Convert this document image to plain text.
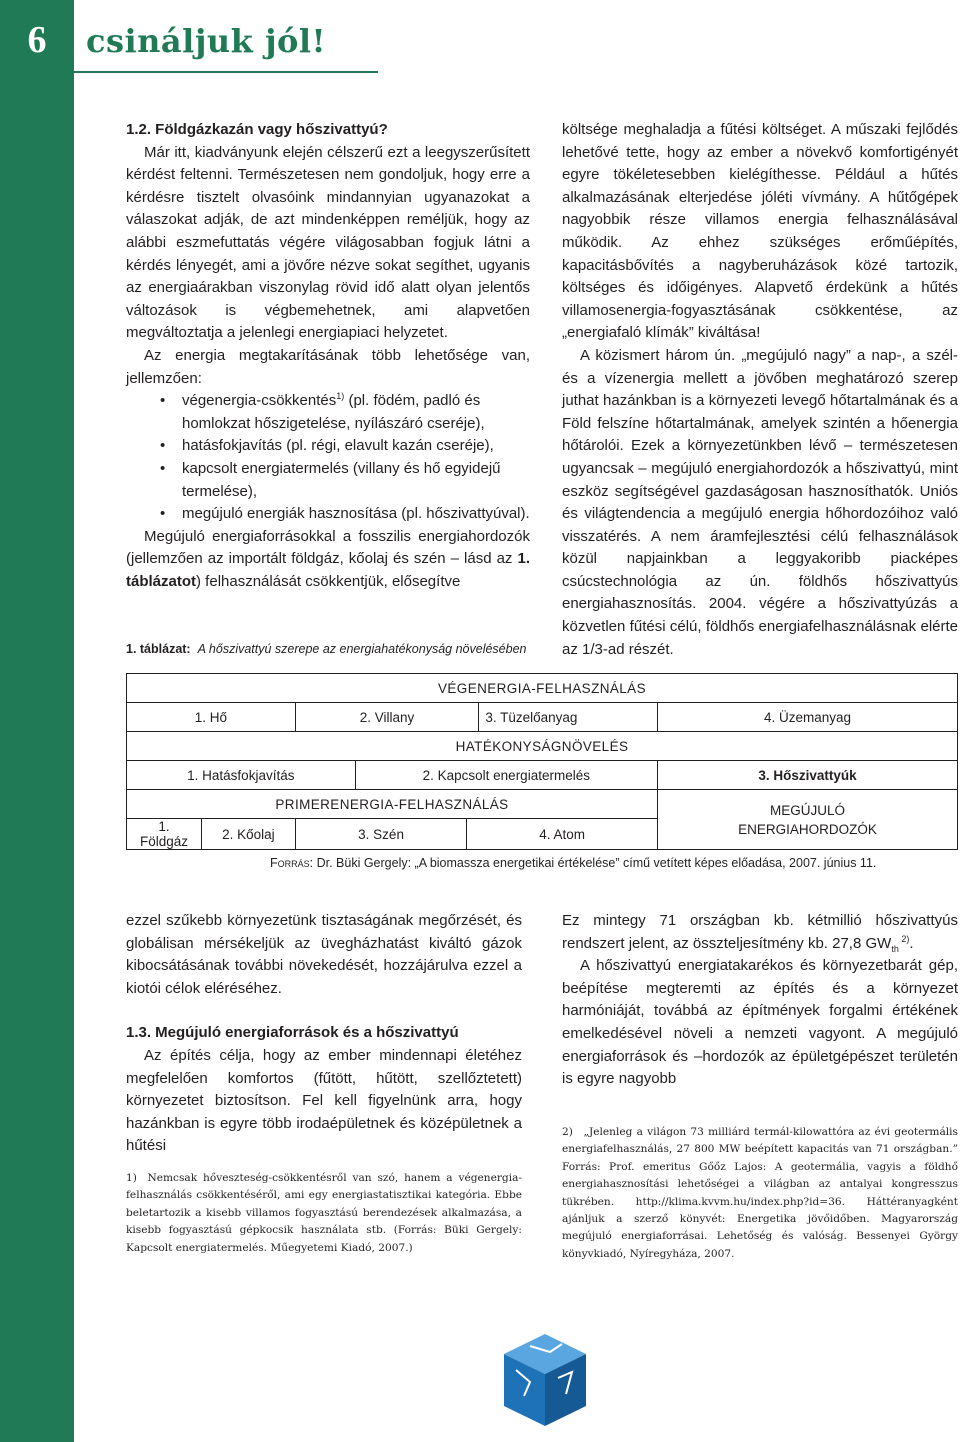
6	csináljuk jól!
1.2. Földgázkazán vagy hőszivattyú?

Már itt, kiadványunk elején célszerű ezt a leegyszerűsített kérdést feltenni. Természetesen nem gondoljuk, hogy erre a kérdésre tisztelt olvasóink mindannyian ugyanazokat a válaszokat adják, de azt mindenképpen reméljük, hogy az alábbi eszmefuttatás végére világosabban fogjuk látni a kérdés lényegét, ami a jövőre nézve sokat segíthet, ugyanis az energiaárakban viszonylag rövid idő alatt olyan jelentős változások is végbemehetnek, ami alapvetően megváltoztatja a jelenlegi energiapiaci helyzetet.

Az energia megtakarításának több lehetősége van, jellemzően:

• végenergia-csökkentés$^{1)}$ (pl. födém, padló és homlokzat hőszigetelése, nyílászáró cseréje),
• hatásfokjavítás (pl. régi, elavult kazán cseréje),
• kapcsolt energiatermelés (villany és hő egyidejű termelése),
• megújuló energiák hasznosítása (pl. hőszivattyúval).

Megújuló energiaforrásokkal a fosszilis energiahordozók (jellemzően az importált földgáz, kőolaj és szén – lásd az 1. táblázatot) felhasználását csökkentjük, elősegítve

költsége meghaladja a fűtési költséget. A műszaki fejlődés lehetővé tette, hogy az ember a növekvő komfortigényét egyre tökéletesebben kielégíthesse. Például a hűtés alkalmazásának elterjedése jóléti vívmány. A hűtőgépek nagyobbik része villamos energia felhasználásával működik. Az ehhez szükséges erőműépítés, kapacitásbővítés a nagyberuházások közé tartozik, költséges és időigényes. Alapvető érdekünk a hűtés villamosenergia-fogyasztásának csökkentése, az „energiafaló klímák” kiváltása!

A közismert három ún. „megújuló nagy” a nap-, a szél- és a vízenergia mellett a jövőben meghatározó szerep juthat hazánkban is a környezeti levegő hőtartalmának és a Föld felszíne hőtartalmának, amelyek szintén a hőenergia hőtárolói. Ezek a környezetünkben lévő – természetesen ugyancsak – megújuló energiahordozók a hőszivattyú, mint eszköz segítségével gazdaságosan hasznosíthatók. Uniós és világtendencia a megújuló energia hőhordozóihoz való visszatérés. A nem áramfejlesztési célú felhasználások közül napjainkban a leggyakoribb piacképes csúcstechnológia az ún. földhős hőszivattyús energiahasznosítás. 2004. végére a hőszivattyúzás a közvetlen fűtési célú, földhős energiafelhasználásnak elérte az 1/3-ad részét.

1. táblázat: A hőszivattyú szerepe az energiahatékonyság növelésében
VÉGENERGIA-FELHASZNÁLÁS						
1. Hő		2. Villany			3. Tüzelőanyag	4. Üzemanyag
HATÉKONYSÁGNÖVELÉS						
1. Hatásfokjavítás			2. Kapcsolt energiatermelés			3. Hőszivattyúk
PRIMERENERGIA-FELHASZNÁLÁS						MEGÚJULÓ ENERGIAHORDOZÓK
1. Földgáz	2. Kőolaj	3. Szén		4. Atom		
Forrás: Dr. Büki Gergely: „A biomassza energetikai értékelése” című vetített képes előadása, 2007. június 11.

ezzel szűkebb környezetünk tisztaságának megőrzését, és globálisan mérsékeljük az üvegházhatást kiváltó gázok kibocsátásának további növekedését, hozzájárulva ezzel a kiotói célok eléréséhez.

1.3. Megújuló energiaforrások és a hőszivattyú

Az építés célja, hogy az ember mindennapi életéhez megfelelően komfortos (fűtött, hűtött, szellőztetett) környezetet biztosítson. Fel kell figyelnünk arra, hogy hazánkban is egyre több irodaépületnek és középületnek a hűtési

Ez mintegy 71 országban kb. kétmillió hőszivattyús rendszert jelent, az összteljesítmény kb. 27,8 $GW_{th}$ $^{2)}$.

A hőszivattyú energiatakarékos és környezetbarát gép, beépítése megteremti az építés és a környezet harmóniáját, továbbá az építmények forgalmi értékének emelkedésével növeli a nemzeti vagyont. A megújuló energiaforrások és –hordozók az épületgépészet területén is egyre nagyobb

1) Nemcsak hőveszteség-csökkentésről van szó, hanem a végenergia-felhasználás csökkentéséről, ami egy energiastatisztikai kategória. Ebbe beletartozik a kisebb villamos fogyasztású berendezések alkalmazása, a kisebb fogyasztású gépkocsik használata stb. (Forrás: Büki Gergely: Kapcsolt energiatermelés. Műegyetemi Kiadó, 2007.)

2) „Jelenleg a világon 73 milliárd termál-kilowattóra az évi geotermális energiafelhasználás, 27 800 MW beépített kapacitás van 71 országban.” Forrás: Prof. emeritus Gőőz Lajos: A geotermália, vagyis a földhő energiahasznosítási lehetőségei a világban az antalyai kongresszus tükrében. http://klima.kvvm.hu/index.php?id=36. Háttéranyagként ajánljuk a szerző könyvét: Energetika jövőidőben. Magyarország megújuló energiaforrásai. Lehetőség és valóság. Bessenyei György könyvkiadó, Nyíregyháza, 2007.
